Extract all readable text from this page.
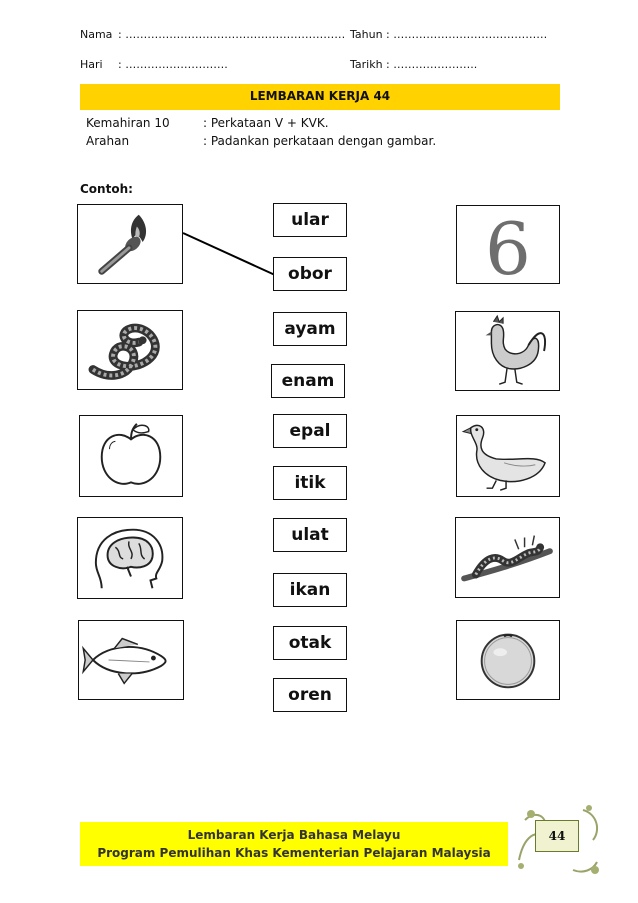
Nama : …………………………………………………… Tahun : ……………………………………
Hari : ……………………….	Tarikh : …………………..
LEMBARAN KERJA 44
Kemahiran 10	: Perkataan V + KVK.
Arahan	: Padankan perkataan dengan gambar.
Contoh:
ular
obor
ayam
enam
epal
itik
ulat
ikan
otak
oren
6
Lembaran Kerja Bahasa Melayu
Program Pemulihan Khas Kementerian Pelajaran Malaysia
44
